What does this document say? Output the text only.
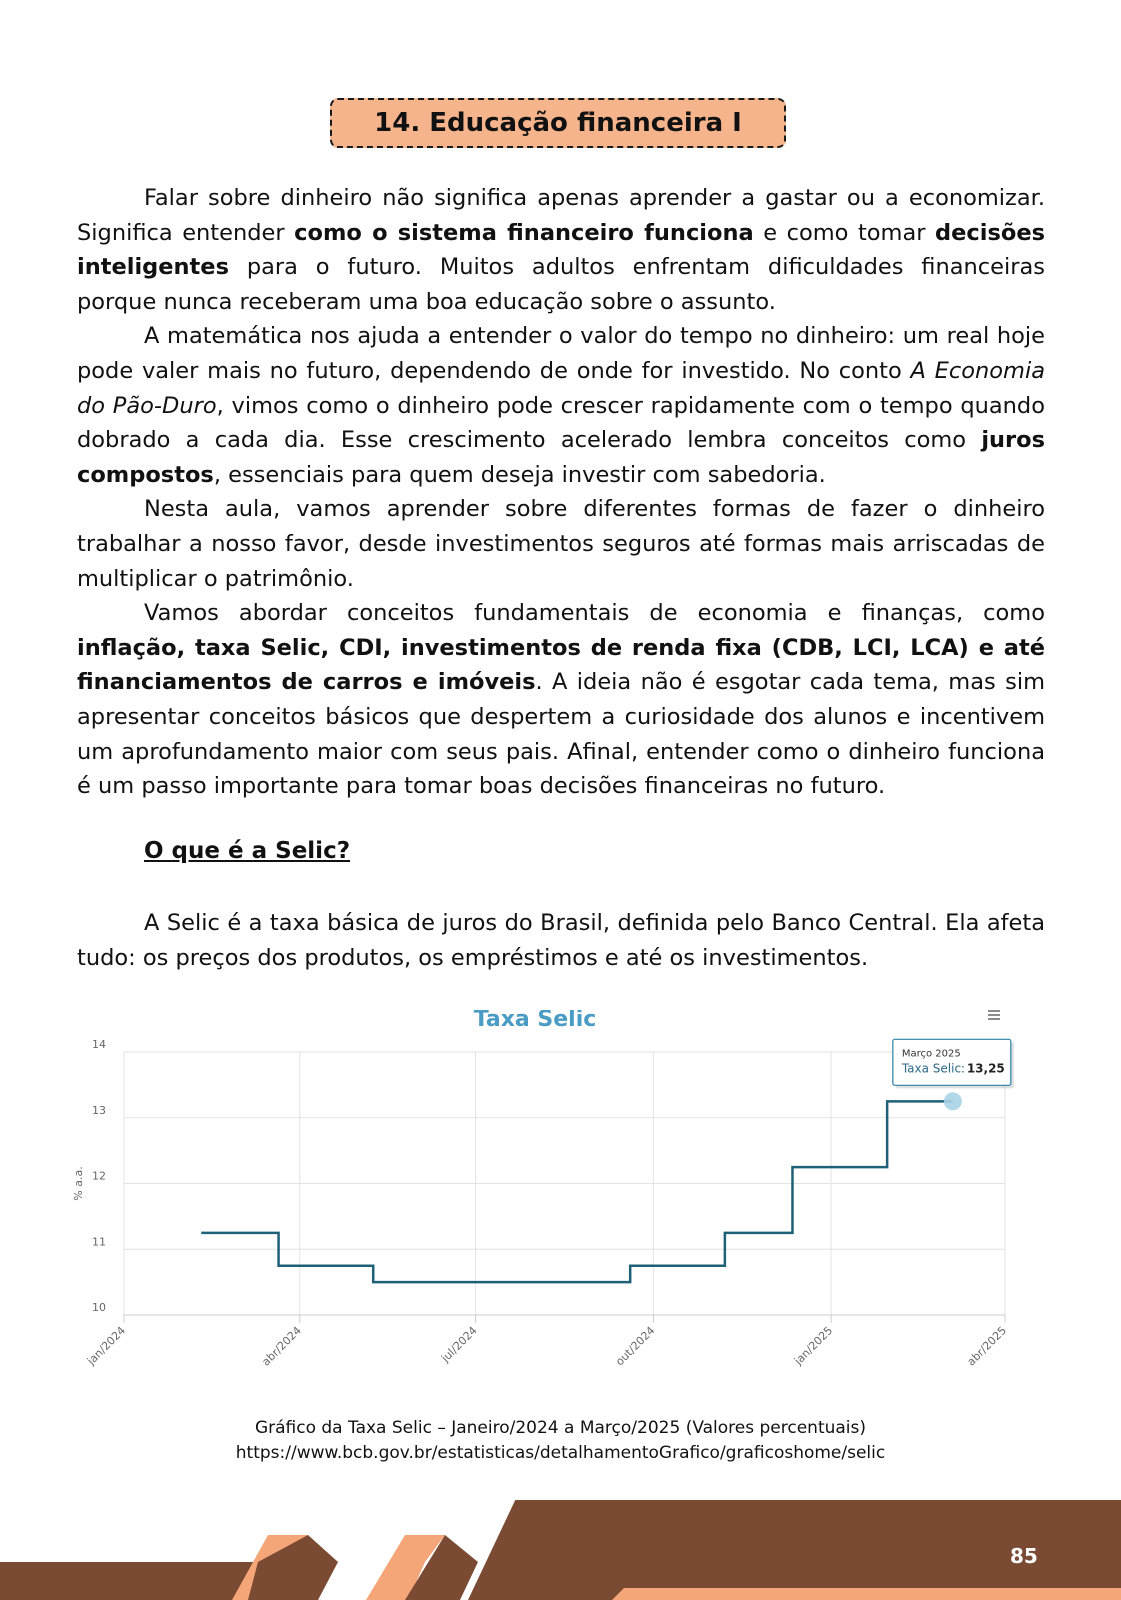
14. Educação financeira I

Falar sobre dinheiro não significa apenas aprender a gastar ou a economizar. Significa entender como o sistema financeiro funciona e como tomar decisões inteligentes para o futuro. Muitos adultos enfrentam dificuldades financeiras porque nunca receberam uma boa educação sobre o assunto.

A matemática nos ajuda a entender o valor do tempo no dinheiro: um real hoje pode valer mais no futuro, dependendo de onde for investido. No conto A Economia do Pão-Duro, vimos como o dinheiro pode crescer rapidamente com o tempo quando dobrado a cada dia. Esse crescimento acelerado lembra conceitos como juros compostos, essenciais para quem deseja investir com sabedoria.

Nesta aula, vamos aprender sobre diferentes formas de fazer o dinheiro trabalhar a nosso favor, desde investimentos seguros até formas mais arriscadas de multiplicar o patrimônio.

Vamos abordar conceitos fundamentais de economia e finanças, como inflação, taxa Selic, CDI, investimentos de renda fixa (CDB, LCI, LCA) e até financiamentos de carros e imóveis. A ideia não é esgotar cada tema, mas sim apresentar conceitos básicos que despertem a curiosidade dos alunos e incentivem um aprofundamento maior com seus pais. Afinal, entender como o dinheiro funciona é um passo importante para tomar boas decisões financeiras no futuro.

O que é a Selic?

A Selic é a taxa básica de juros do Brasil, definida pelo Banco Central. Ela afeta tudo: os preços dos produtos, os empréstimos e até os investimentos.

Taxa Selic
% a.a.
10
11
12
13
14
jan/2024	abr/2024	jul/2024	out/2024	jan/2025	abr/2025
Março 2025
Taxa Selic: 13,25
Gráfico da Taxa Selic – Janeiro/2024 a Março/2025 (Valores percentuais)
https://www.bcb.gov.br/estatisticas/detalhamentoGrafico/graficoshome/selic
85
